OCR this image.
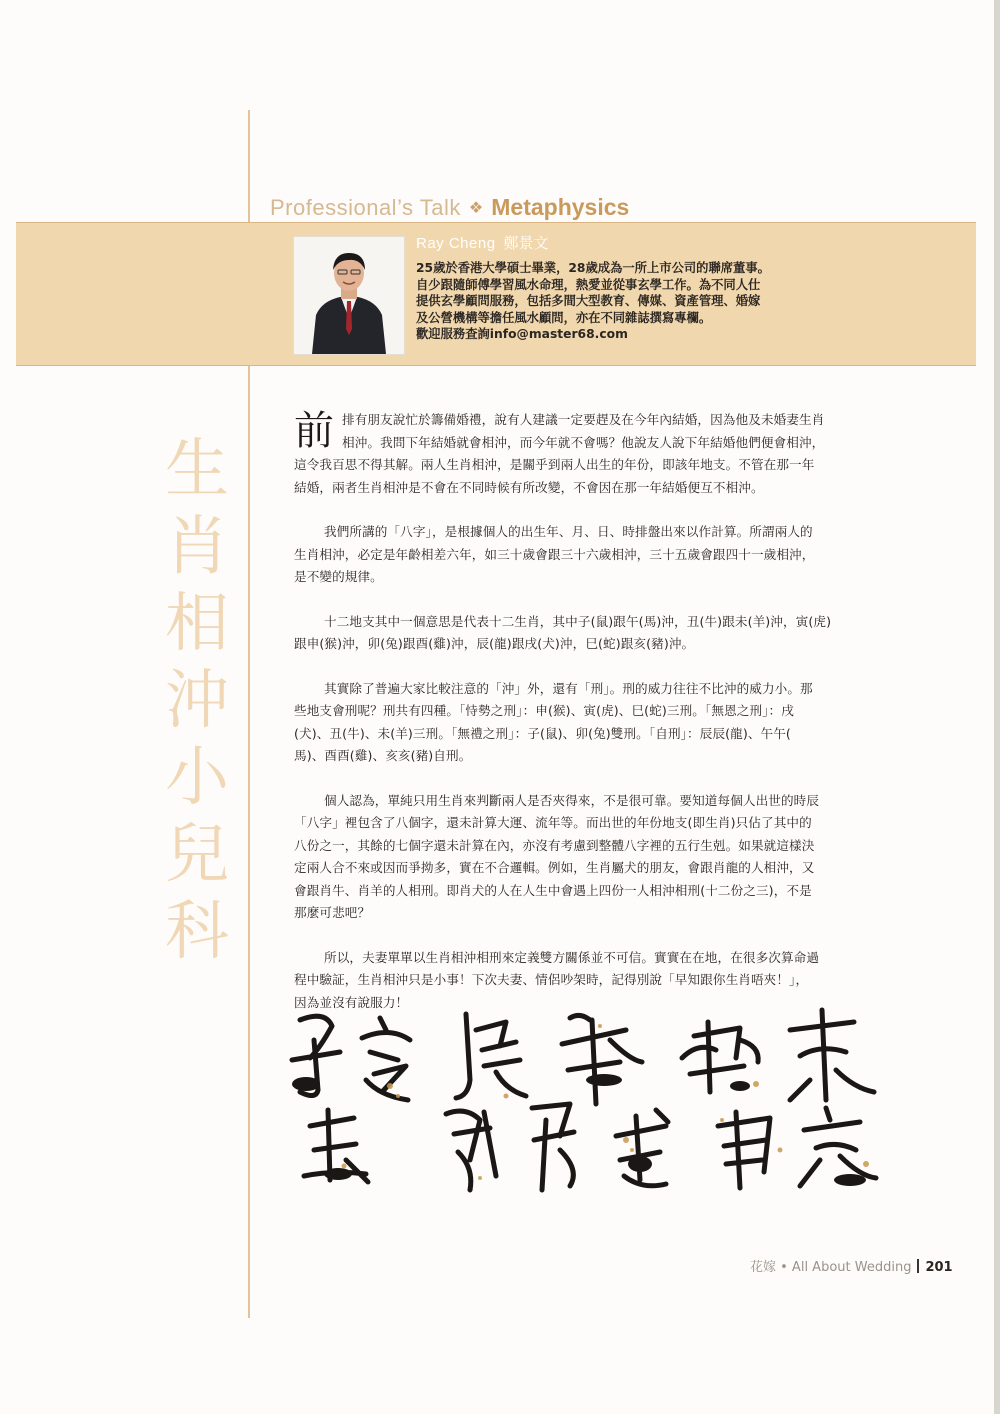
Professional’s Talk ❖ Metaphysics
Ray Cheng 鄭景文
25歲於香港大學碩士畢業，28歲成為一所上市公司的聯席董事。
自少跟隨師傅學習風水命理，熱愛並從事玄學工作。為不同人仕
提供玄學顧問服務，包括多間大型教育、傳媒、資產管理、婚嫁
及公營機構等擔任風水顧問，亦在不同雜誌撰寫專欄。
歡迎服務查詢info@master68.com
生
肖
相
沖
小
兒
科
前 排有朋友說忙於籌備婚禮，說有人建議一定要趕及在今年內結婚，因為他及未婚妻生肖
相沖。我問下年結婚就會相沖，而今年就不會嗎？他說友人說下年結婚他們便會相沖，
這令我百思不得其解。兩人生肖相沖，是關乎到兩人出生的年份，即該年地支。不管在那一年
結婚，兩者生肖相沖是不會在不同時候有所改變，不會因在那一年結婚便互不相沖。
我們所講的「八字」，是根據個人的出生年、月、日、時排盤出來以作計算。所謂兩人的
生肖相沖，必定是年齡相差六年，如三十歲會跟三十六歲相沖，三十五歲會跟四十一歲相沖，
是不變的規律。
十二地支其中一個意思是代表十二生肖，其中子(鼠)跟午(馬)沖，丑(牛)跟未(羊)沖，寅(虎)
跟申(猴)沖，卯(兔)跟酉(雞)沖，辰(龍)跟戌(犬)沖，巳(蛇)跟亥(豬)沖。
其實除了普遍大家比較注意的「沖」外，還有「刑」。刑的威力往往不比沖的威力小。那
些地支會刑呢？刑共有四種。「恃勢之刑」：申(猴)、寅(虎)、巳(蛇)三刑。「無恩之刑」：戌
(犬)、丑(牛)、未(羊)三刑。「無禮之刑」：子(鼠)、卯(兔)雙刑。「自刑」：辰辰(龍)、午午(
馬)、酉酉(雞)、亥亥(豬)自刑。
個人認為，單純只用生肖來判斷兩人是否夾得來，不是很可靠。要知道每個人出世的時辰
「八字」裡包含了八個字，還未計算大運、流年等。而出世的年份地支(即生肖)只佔了其中的
八份之一，其餘的七個字還未計算在內，亦沒有考慮到整體八字裡的五行生剋。如果就這樣決
定兩人合不來或因而爭拗多，實在不合邏輯。例如，生肖屬犬的朋友，會跟肖龍的人相沖，又
會跟肖牛、肖羊的人相刑。即肖犬的人在人生中會遇上四份一人相沖相刑(十二份之三)，不是
那麼可悲吧？
所以，夫妻單單以生肖相沖相刑來定義雙方關係並不可信。實實在在地，在很多次算命過
程中驗証，生肖相沖只是小事！下次夫妻、情侶吵架時，記得別說「早知跟你生肖唔夾！」，
因為並沒有說服力！
花嫁 • All About Wedding 201
